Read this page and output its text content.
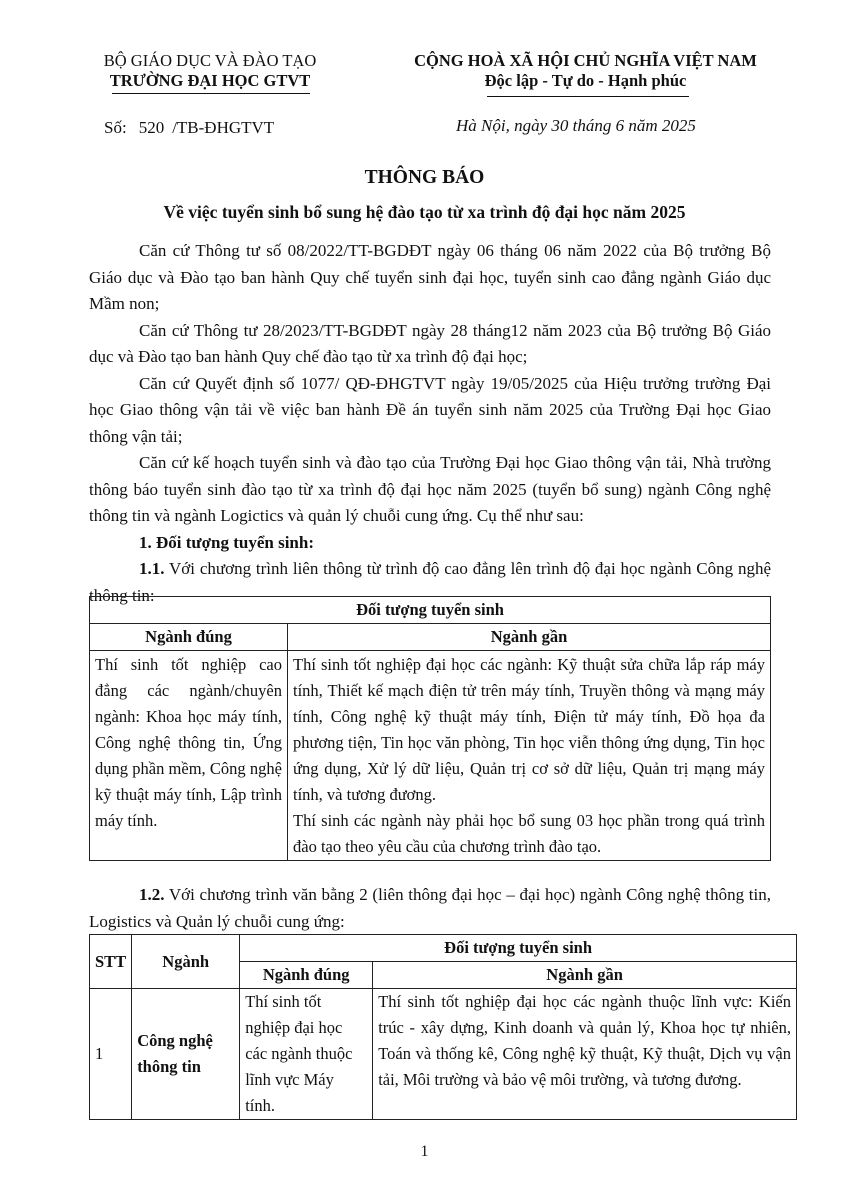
BỘ GIÁO DỤC VÀ ĐÀO TẠO
TRƯỜNG ĐẠI HỌC GTVT
CỘNG HOÀ XÃ HỘI CHỦ NGHĨA VIỆT NAM
Độc lập - Tự do - Hạnh phúc
Số: 520 /TB-ĐHGTVT	Hà Nội, ngày 30 tháng 6 năm 2025
THÔNG BÁO
Về việc tuyển sinh bổ sung hệ đào tạo từ xa trình độ đại học năm 2025

Căn cứ Thông tư số 08/2022/TT-BGDĐT ngày 06 tháng 06 năm 2022 của Bộ trưởng Bộ Giáo dục và Đào tạo ban hành Quy chế tuyển sinh đại học, tuyển sinh cao đẳng ngành Giáo dục Mầm non;

Căn cứ Thông tư 28/2023/TT-BGDĐT ngày 28 tháng12 năm 2023 của Bộ trưởng Bộ Giáo dục và Đào tạo ban hành Quy chế đào tạo từ xa trình độ đại học;

Căn cứ Quyết định số 1077/ QĐ-ĐHGTVT ngày 19/05/2025 của Hiệu trưởng trường Đại học Giao thông vận tải về việc ban hành Đề án tuyển sinh năm 2025 của Trường Đại học Giao thông vận tải;

Căn cứ kế hoạch tuyển sinh và đào tạo của Trường Đại học Giao thông vận tải, Nhà trường thông báo tuyển sinh đào tạo từ xa trình độ đại học năm 2025 (tuyển bổ sung) ngành Công nghệ thông tin và ngành Logictics và quản lý chuỗi cung ứng. Cụ thể như sau:

1. Đối tượng tuyển sinh:

1.1. Với chương trình liên thông từ trình độ cao đẳng lên trình độ đại học ngành Công nghệ thông tin:

Đối tượng tuyển sinh	
Ngành đúng	Ngành gần
Thí sinh tốt nghiệp cao đẳng các ngành/chuyên ngành: Khoa học máy tính, Công nghệ thông tin, Ứng dụng phần mềm, Công nghệ kỹ thuật máy tính, Lập trình máy tính.	Thí sinh tốt nghiệp đại học các ngành: Kỹ thuật sửa chữa lắp ráp máy tính, Thiết kế mạch điện tử trên máy tính, Truyền thông và mạng máy tính, Công nghệ kỹ thuật máy tính, Điện tử máy tính, Đồ họa đa phương tiện, Tin học văn phòng, Tin học viễn thông ứng dụng, Tin học ứng dụng, Xử lý dữ liệu, Quản trị cơ sở dữ liệu, Quản trị mạng máy tính, và tương đương.
Thí sinh các ngành này phải học bổ sung 03 học phần trong quá trình đào tạo theo yêu cầu của chương trình đào tạo.

1.2. Với chương trình văn bằng 2 (liên thông đại học – đại học) ngành Công nghệ thông tin, Logistics và Quản lý chuỗi cung ứng:

STT	Ngành	Đối tượng tuyển sinh	
		Ngành đúng	Ngành gần
1	Công nghệ thông tin	Thí sinh tốt nghiệp đại học các ngành thuộc lĩnh vực Máy tính.	Thí sinh tốt nghiệp đại học các ngành thuộc lĩnh vực: Kiến trúc - xây dựng, Kinh doanh và quản lý, Khoa học tự nhiên, Toán và thống kê, Công nghệ kỹ thuật, Kỹ thuật, Dịch vụ vận tải, Môi trường và bảo vệ môi trường, và tương đương.
1
